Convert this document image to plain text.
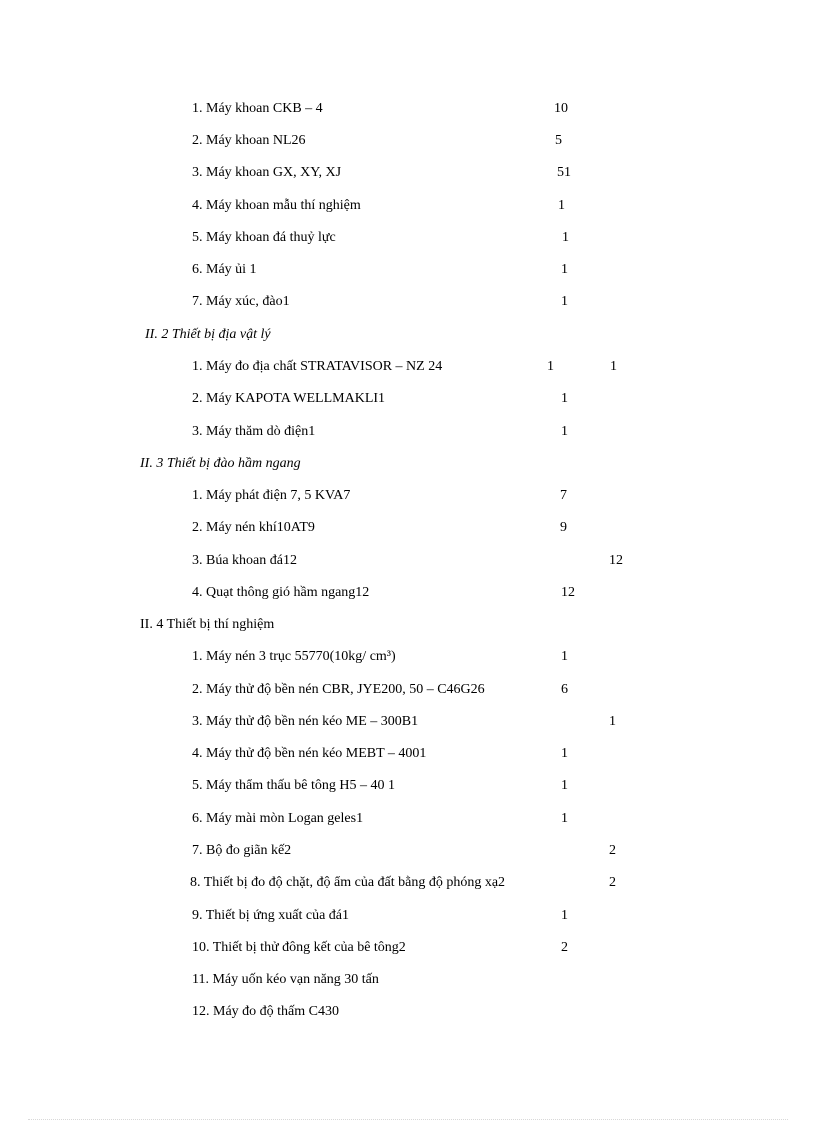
1. Máy khoan CKB – 4	10
2. Máy khoan NL26	5
3. Máy khoan GX, XY, XJ	51
4. Máy khoan mẫu thí nghiệm	1
5. Máy khoan đá thuỷ lực	1
6. Máy ủi 1	1
7. Máy xúc, đào1	1
II. 2 Thiết bị địa vật lý
1. Máy đo địa chất STRATAVISOR – NZ 24	1	1
2. Máy KAPOTA WELLMAKLI1	1
3. Máy thăm dò điện1	1
II. 3 Thiết bị đào hầm ngang
1. Máy phát điện 7, 5 KVA7	7
2. Máy nén khí10AT9	9
3. Búa khoan đá12	12
4. Quạt thông gió hầm ngang12	12
II. 4 Thiết bị thí nghiệm
1. Máy nén 3 trục 55770(10kg/ cm³)	1
2. Máy thử độ bền nén CBR, JYE200, 50 – C46G26	6
3. Máy thử độ bền nén kéo ME – 300B1	1
4. Máy thử độ bền nén kéo MEBT – 4001	1
5. Máy thẩm thấu bê tông H5 – 40 1	1
6. Máy mài mòn Logan geles1	1
7. Bộ đo giãn kế2	2
8. Thiết bị đo độ chặt, độ ẩm của đất bằng độ phóng xạ2	2
9. Thiết bị ứng xuất của đá1	1
10. Thiết bị thử đông kết của bê tông2	2
11. Máy uốn kéo vạn năng 30 tấn
12. Máy đo độ thấm C430
